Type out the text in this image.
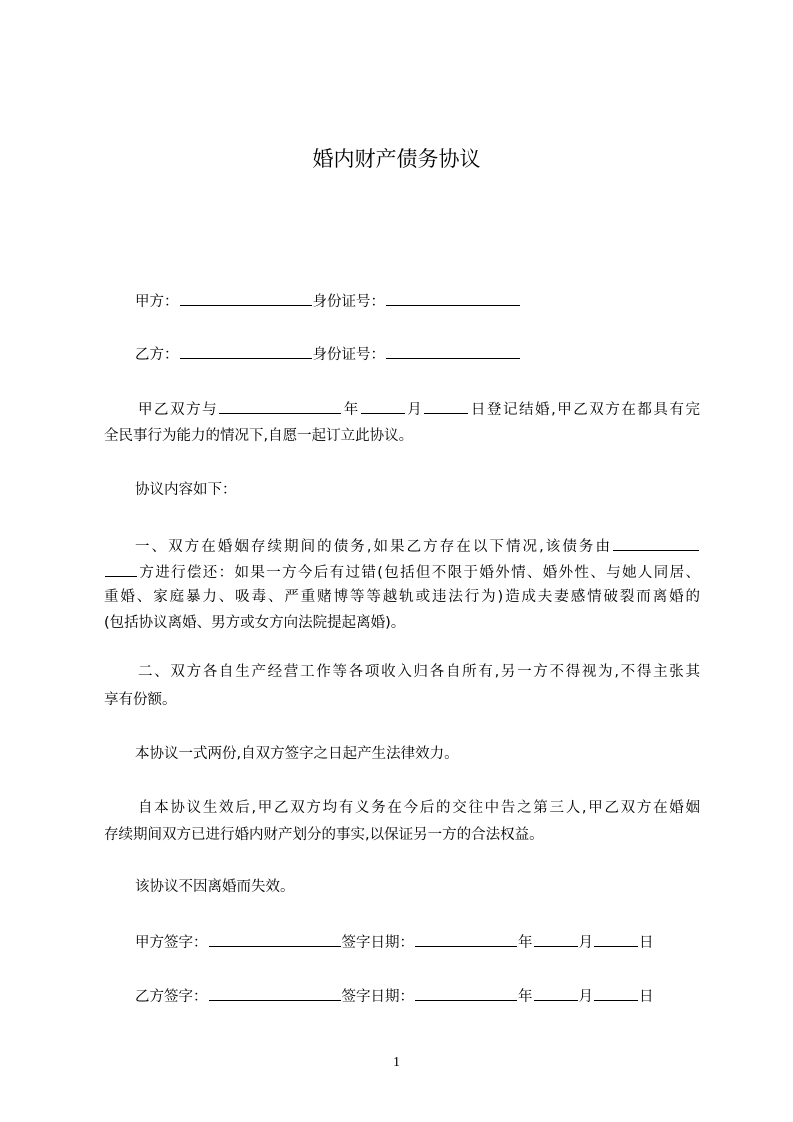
婚内财产债务协议
甲方：	身份证号：
乙方：	身份证号：
甲乙双方与	年	月	日登记结婚,甲乙双方在都具有完
全民事行为能力的情况下,自愿一起订立此协议。
协议内容如下：
一、双方在婚姻存续期间的债务,如果乙方存在以下情况,该债务由
方进行偿还：如果一方今后有过错(包括但不限于婚外情、婚外性、与她人同居、
重婚、家庭暴力、吸毒、严重赌博等等越轨或违法行为)造成夫妻感情破裂而离婚的
(包括协议离婚、男方或女方向法院提起离婚)。
二、双方各自生产经营工作等各项收入归各自所有,另一方不得视为,不得主张其
享有份额。
本协议一式两份,自双方签字之日起产生法律效力。
自本协议生效后,甲乙双方均有义务在今后的交往中告之第三人,甲乙双方在婚姻
存续期间双方已进行婚内财产划分的事实,以保证另一方的合法权益。
该协议不因离婚而失效。
甲方签字：	签字日期：	年	月	日
乙方签字：	签字日期：	年	月	日
1
